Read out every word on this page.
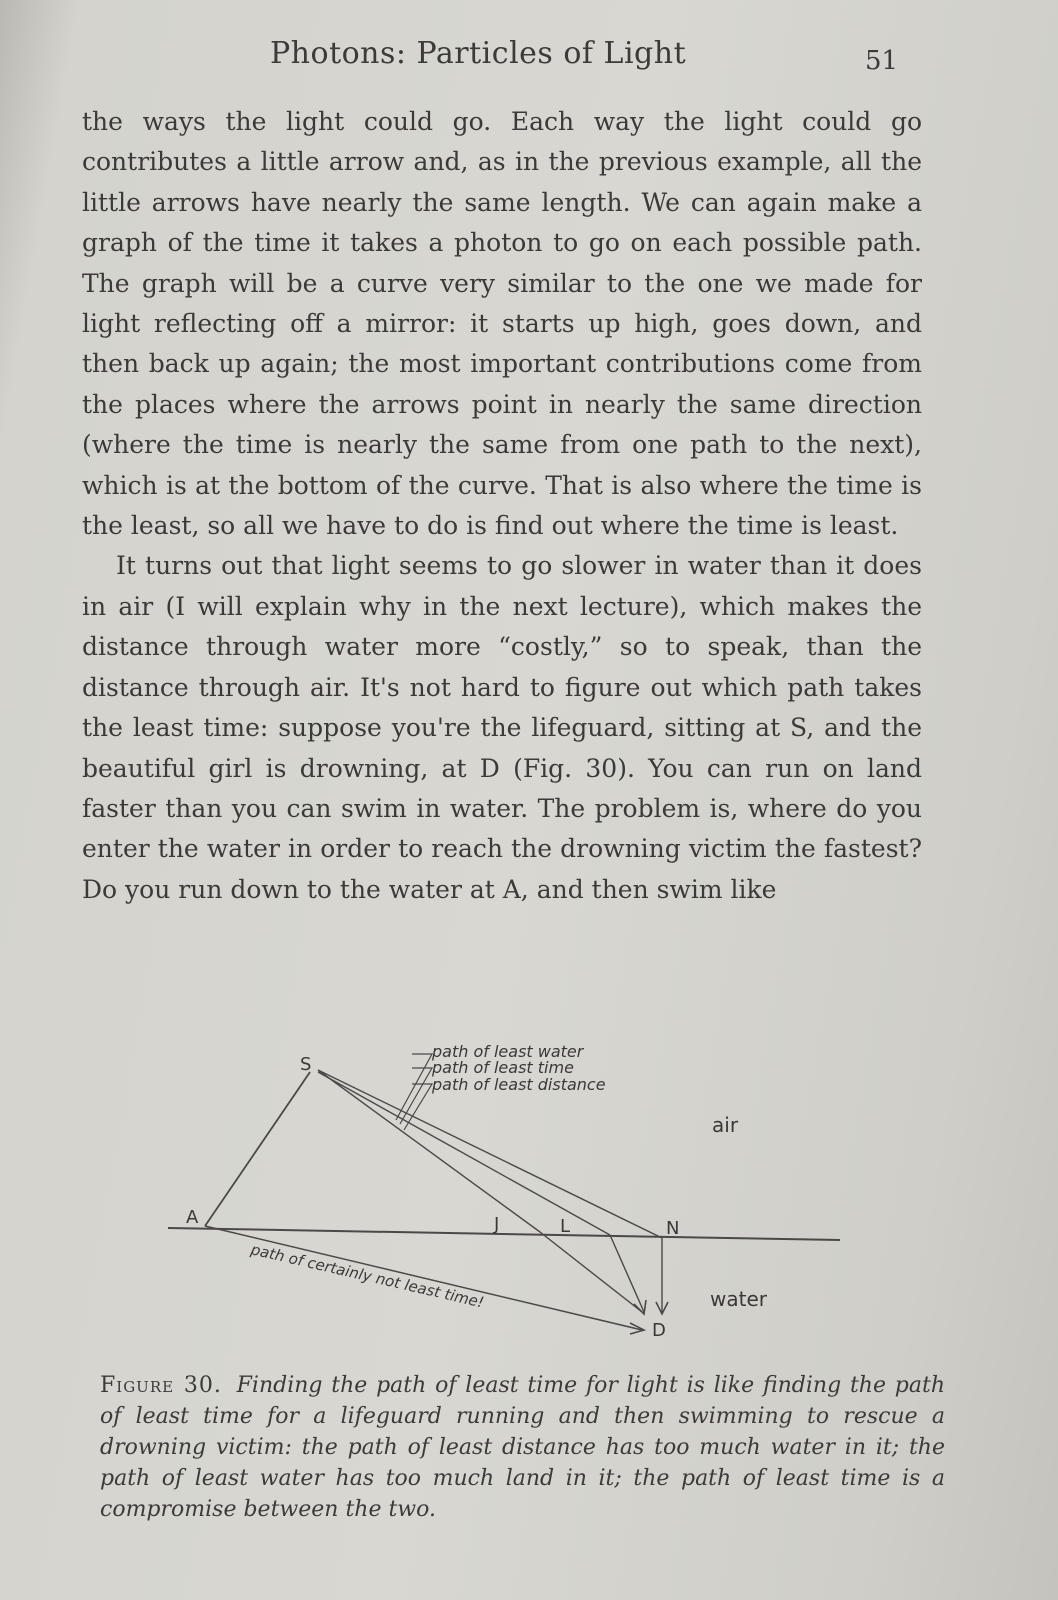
Photons: Particles of Light	51

the ways the light could go. Each way the light could go contributes a little arrow and, as in the previous example, all the little arrows have nearly the same length. We can again make a graph of the time it takes a photon to go on each possible path. The graph will be a curve very similar to the one we made for light reflecting off a mirror: it starts up high, goes down, and then back up again; the most important contributions come from the places where the arrows point in nearly the same direction (where the time is nearly the same from one path to the next), which is at the bottom of the curve. That is also where the time is the least, so all we have to do is find out where the time is least.

It turns out that light seems to go slower in water than it does in air (I will explain why in the next lecture), which makes the distance through water more “costly,” so to speak, than the distance through air. It's not hard to figure out which path takes the least time: suppose you're the lifeguard, sitting at S, and the beautiful girl is drowning, at D (Fig. 30). You can run on land faster than you can swim in water. The problem is, where do you enter the water in order to reach the drowning victim the fastest? Do you run down to the water at A, and then swim like

path of least water
path of least time
path of least distance
path of certainly not least time!
air
water
S
A	J	L	N
D
Figure 30. Finding the path of least time for light is like finding the path of least time for a lifeguard running and then swimming to rescue a drowning victim: the path of least distance has too much water in it; the path of least water has too much land in it; the path of least time is a compromise between the two.
